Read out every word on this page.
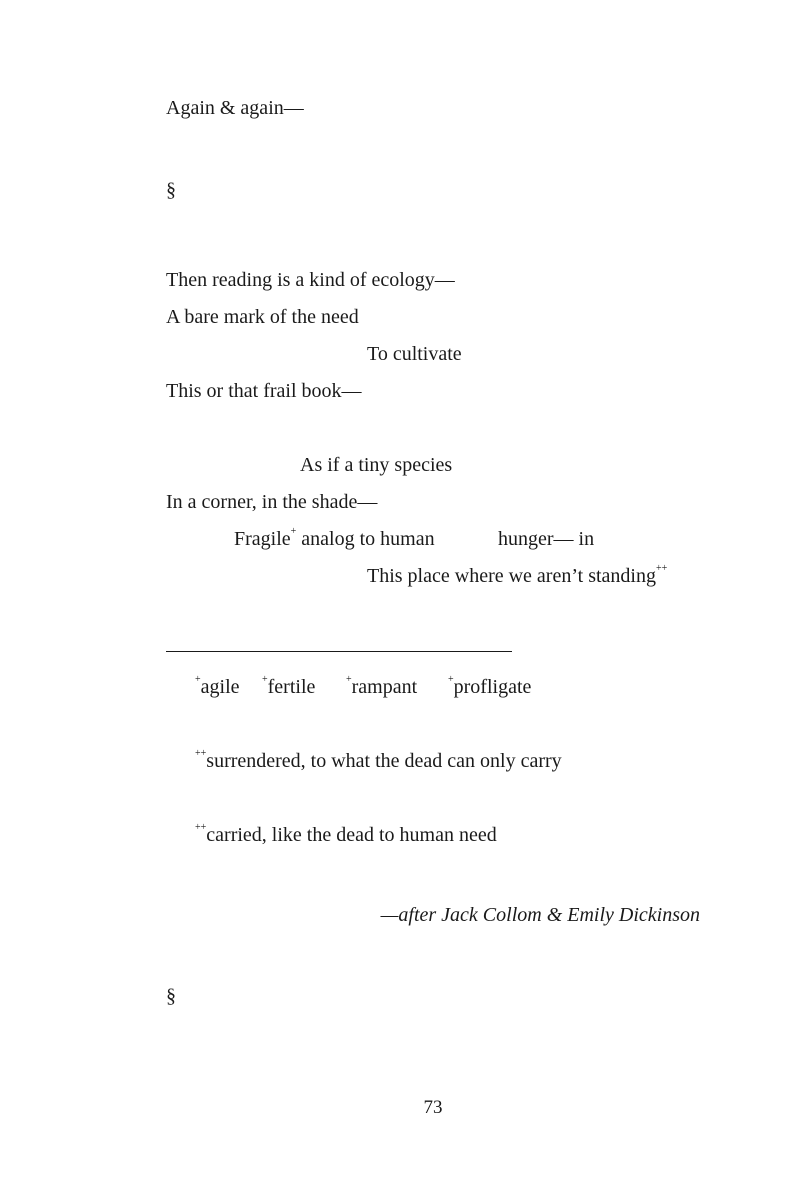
Again & again—
§
Then reading is a kind of ecology—
A bare mark of the need
To cultivate
This or that frail book—
As if a tiny species
In a corner, in the shade—
Fragile+ analog to human	hunger— in
This place where we aren’t standing++
+agile +fertile	+rampant	+profligate
++surrendered, to what the dead can only carry
++carried, like the dead to human need
—after Jack Collom & Emily Dickinson
§
73
